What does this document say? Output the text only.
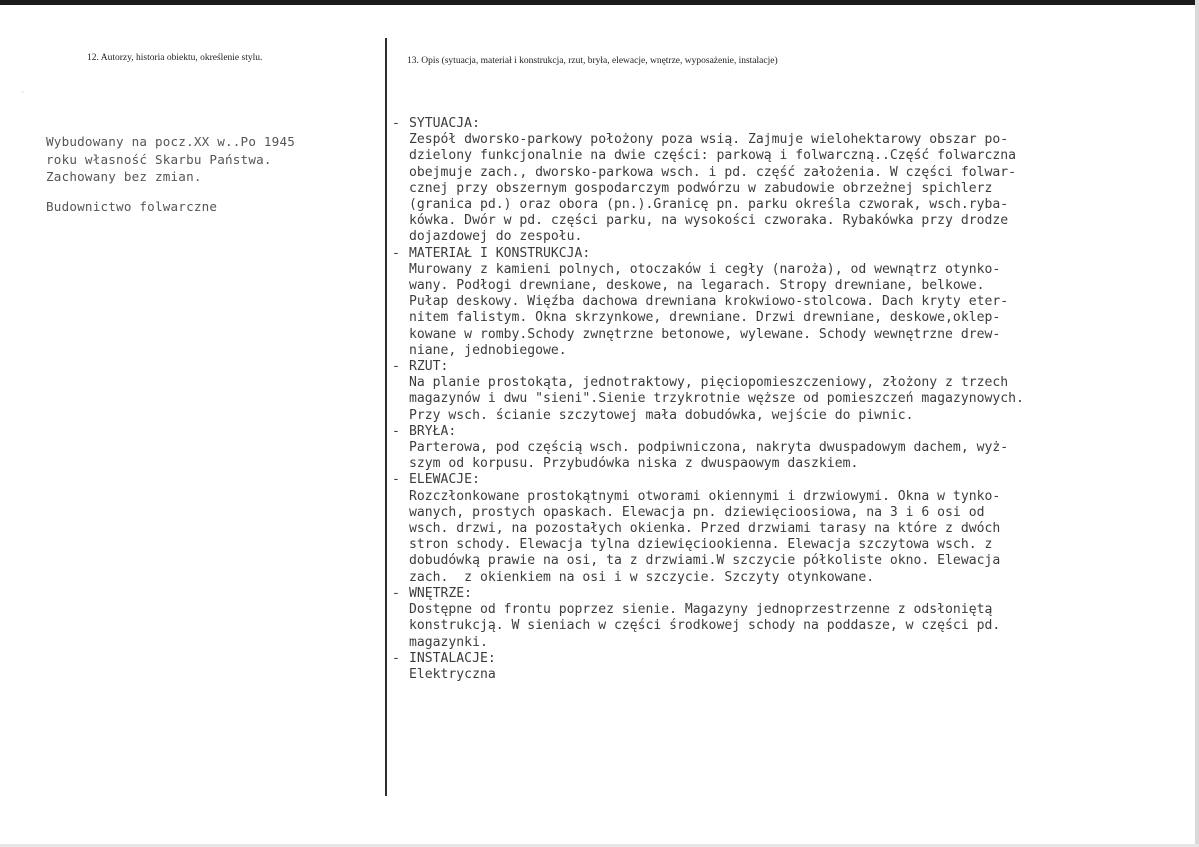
·
12. Autorzy, historia obiektu, określenie stylu.	13. Opis (sytuacja, materiał i konstrukcja, rzut, bryła, elewacje, wnętrze, wyposażenie, instalacje)
Wybudowany na pocz.XX w..Po 1945
roku własność Skarbu Państwa.
Zachowany bez zmian.
Budownictwo folwarczne
- SYTUACJA:
Zespół dworsko-parkowy położony poza wsią. Zajmuje wielohektarowy obszar po-
dzielony funkcjonalnie na dwie części: parkową i folwarczną..Część folwarczna
obejmuje zach., dworsko-parkowa wsch. i pd. część założenia. W części folwar-
cznej przy obszernym gospodarczym podwórzu w zabudowie obrzeżnej spichlerz
(granica pd.) oraz obora (pn.).Granicę pn. parku określa czworak, wsch.ryba-
kówka. Dwór w pd. części parku, na wysokości czworaka. Rybakówka przy drodze
dojazdowej do zespołu.
- MATERIAŁ I KONSTRUKCJA:
Murowany z kamieni polnych, otoczaków i cegły (naroża), od wewnątrz otynko-
wany. Podłogi drewniane, deskowe, na legarach. Stropy drewniane, belkowe.
Pułap deskowy. Więźba dachowa drewniana krokwiowo-stolcowa. Dach kryty eter-
nitem falistym. Okna skrzynkowe, drewniane. Drzwi drewniane, deskowe,oklep-
kowane w romby.Schody zwnętrzne betonowe, wylewane. Schody wewnętrzne drew-
niane, jednobiegowe.
- RZUT:
Na planie prostokąta, jednotraktowy, pięciopomieszczeniowy, złożony z trzech
magazynów i dwu "sieni".Sienie trzykrotnie węższe od pomieszczeń magazynowych.
Przy wsch. ścianie szczytowej mała dobudówka, wejście do piwnic.
- BRYŁA:
Parterowa, pod częścią wsch. podpiwniczona, nakryta dwuspadowym dachem, wyż-
szym od korpusu. Przybudówka niska z dwuspaowym daszkiem.
- ELEWACJE:
Rozczłonkowane prostokątnymi otworami okiennymi i drzwiowymi. Okna w tynko-
wanych, prostych opaskach. Elewacja pn. dziewięcioosiowa, na 3 i 6 osi od
wsch. drzwi, na pozostałych okienka. Przed drzwiami tarasy na które z dwóch
stron schody. Elewacja tylna dziewięciookienna. Elewacja szczytowa wsch. z
dobudówką prawie na osi, ta z drzwiami.W szczycie półkoliste okno. Elewacja
zach.  z okienkiem na osi i w szczycie. Szczyty otynkowane.
- WNĘTRZE:
Dostępne od frontu poprzez sienie. Magazyny jednoprzestrzenne z odsłoniętą
konstrukcją. W sieniach w części środkowej schody na poddasze, w części pd.
magazynki.
- INSTALACJE:
Elektryczna
